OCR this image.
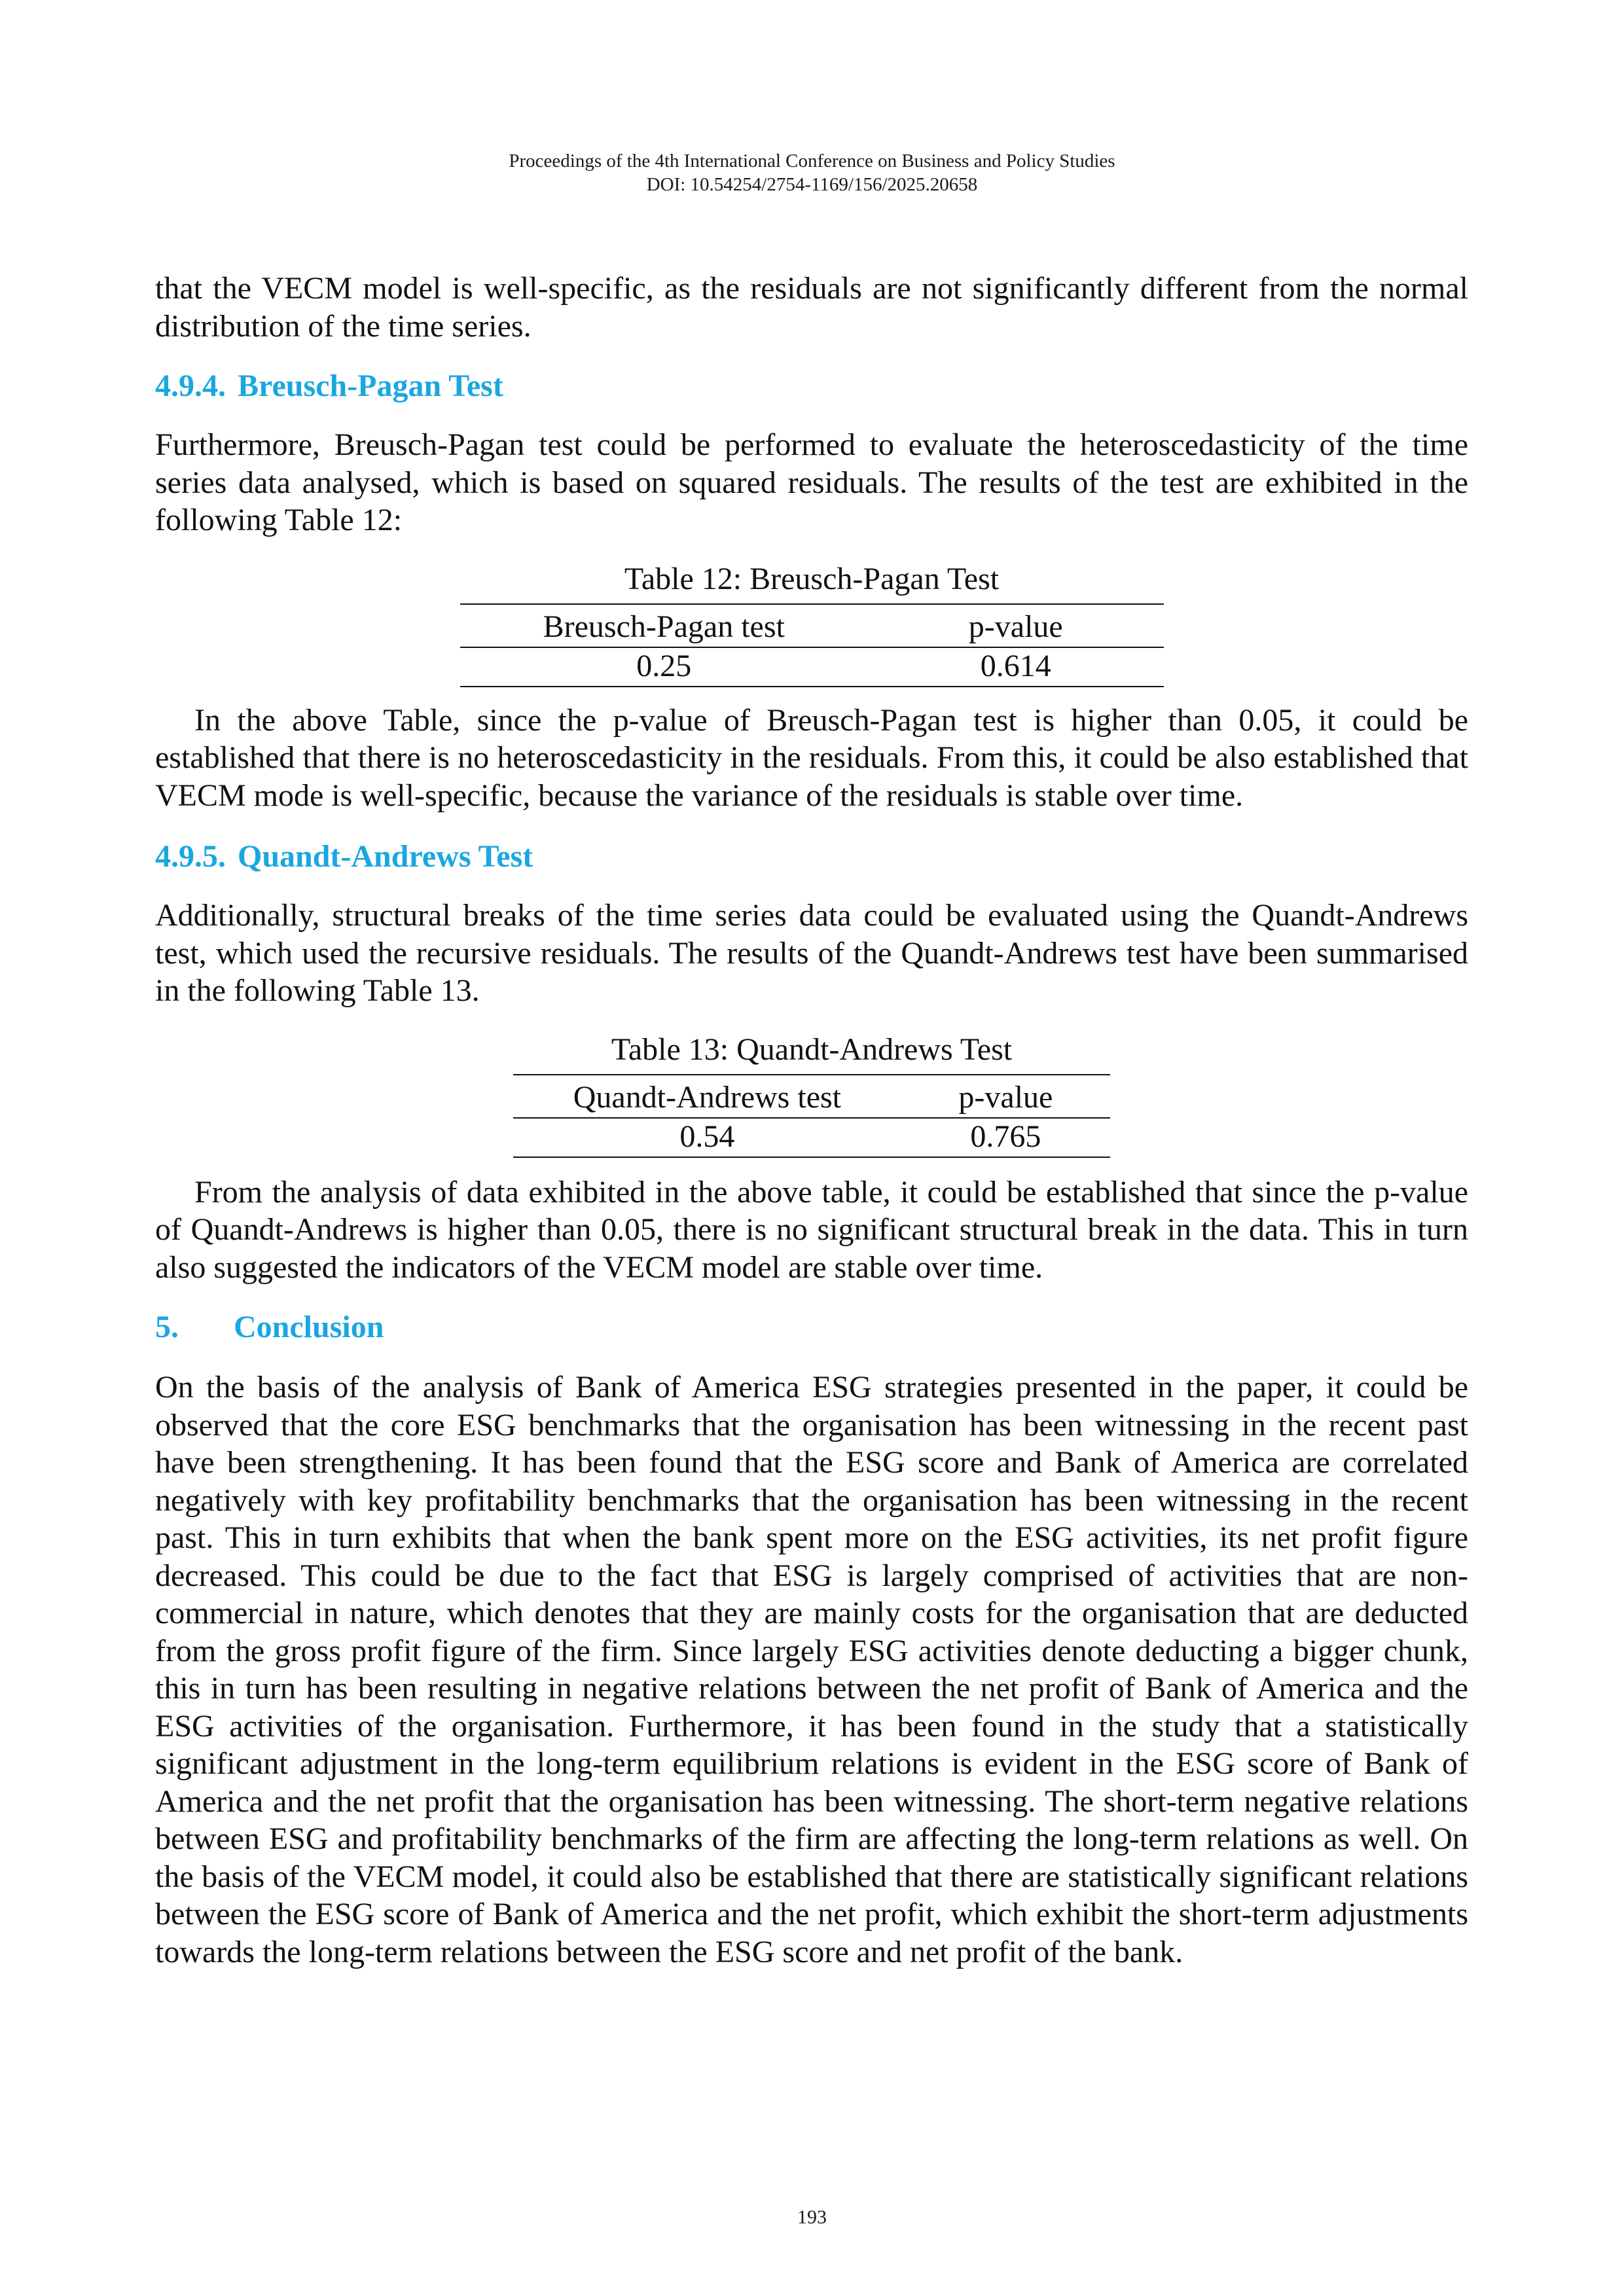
Proceedings of the 4th International Conference on Business and Policy Studies
DOI: 10.54254/2754-1169/156/2025.20658

that the VECM model is well-specific, as the residuals are not significantly different from the normal distribution of the time series.

4.9.4. Breusch-Pagan Test

Furthermore, Breusch-Pagan test could be performed to evaluate the heteroscedasticity of the time series data analysed, which is based on squared residuals. The results of the test are exhibited in the following Table 12:

Table 12: Breusch-Pagan Test
Breusch-Pagan test	p-value
0.25	0.614

In the above Table, since the p-value of Breusch-Pagan test is higher than 0.05, it could be established that there is no heteroscedasticity in the residuals. From this, it could be also established that VECM mode is well-specific, because the variance of the residuals is stable over time.

4.9.5. Quandt-Andrews Test

Additionally, structural breaks of the time series data could be evaluated using the Quandt-Andrews test, which used the recursive residuals. The results of the Quandt-Andrews test have been summarised in the following Table 13.

Table 13: Quandt-Andrews Test
Quandt-Andrews test	p-value
0.54	0.765

From the analysis of data exhibited in the above table, it could be established that since the p-value of Quandt-Andrews is higher than 0.05, there is no significant structural break in the data. This in turn also suggested the indicators of the VECM model are stable over time.

5.	Conclusion

On the basis of the analysis of Bank of America ESG strategies presented in the paper, it could be observed that the core ESG benchmarks that the organisation has been witnessing in the recent past have been strengthening. It has been found that the ESG score and Bank of America are correlated negatively with key profitability benchmarks that the organisation has been witnessing in the recent past. This in turn exhibits that when the bank spent more on the ESG activities, its net profit figure decreased. This could be due to the fact that ESG is largely comprised of activities that are non-commercial in nature, which denotes that they are mainly costs for the organisation that are deducted from the gross profit figure of the firm. Since largely ESG activities denote deducting a bigger chunk, this in turn has been resulting in negative relations between the net profit of Bank of America and the ESG activities of the organisation. Furthermore, it has been found in the study that a statistically significant adjustment in the long-term equilibrium relations is evident in the ESG score of Bank of America and the net profit that the organisation has been witnessing. The short-term negative relations between ESG and profitability benchmarks of the firm are affecting the long-term relations as well. On the basis of the VECM model, it could also be established that there are statistically significant relations between the ESG score of Bank of America and the net profit, which exhibit the short-term adjustments towards the long-term relations between the ESG score and net profit of the bank.

193
